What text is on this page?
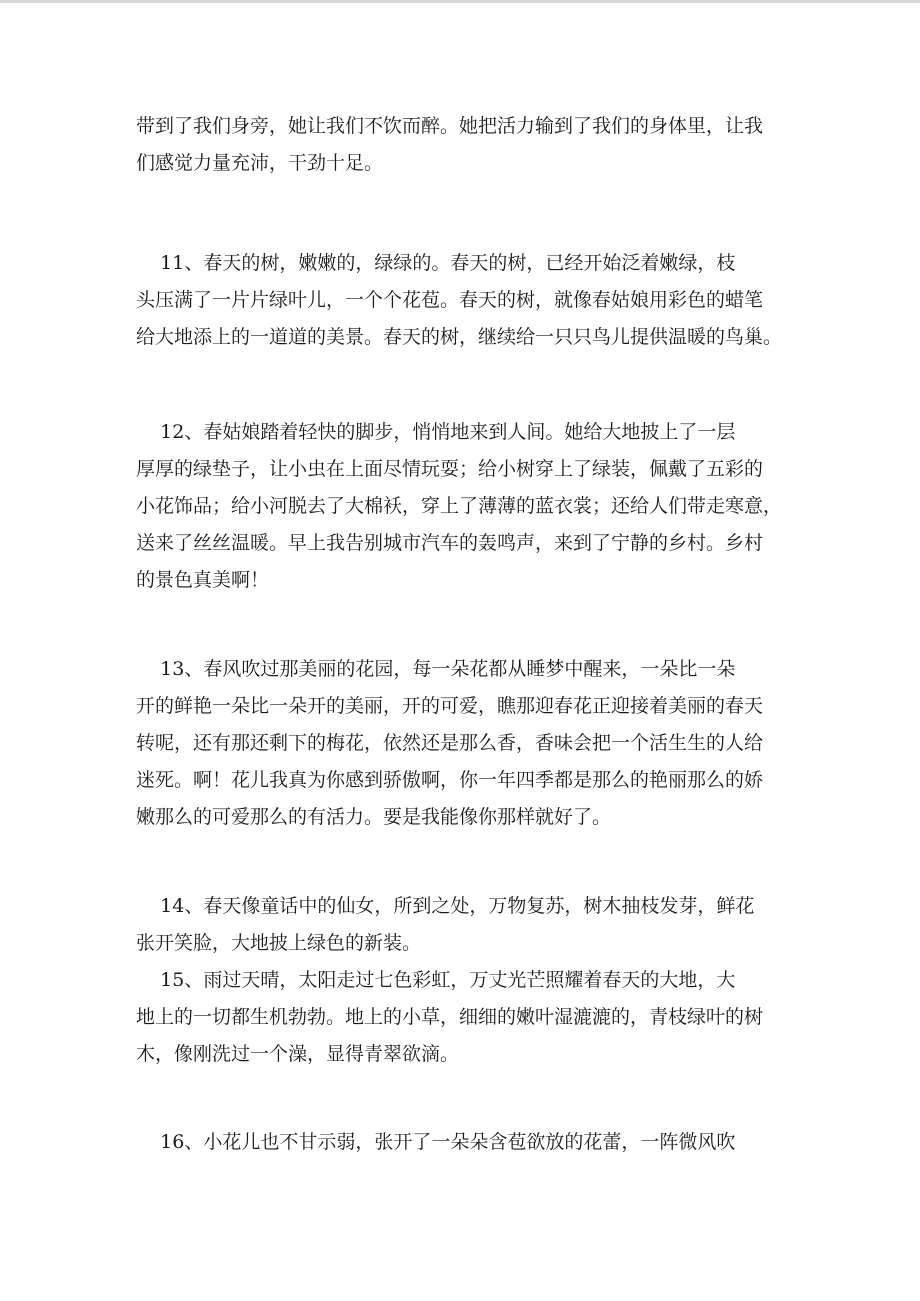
带到了我们身旁，她让我们不饮而醉。她把活力输到了我们的身体里，让我
们感觉力量充沛，干劲十足。
11、春天的树，嫩嫩的，绿绿的。春天的树，已经开始泛着嫩绿，枝
头压满了一片片绿叶儿，一个个花苞。春天的树，就像春姑娘用彩色的蜡笔
给大地添上的一道道的美景。春天的树，继续给一只只鸟儿提供温暖的鸟巢。
12、春姑娘踏着轻快的脚步，悄悄地来到人间。她给大地披上了一层
厚厚的绿垫子，让小虫在上面尽情玩耍；给小树穿上了绿装，佩戴了五彩的
小花饰品；给小河脱去了大棉袄，穿上了薄薄的蓝衣裳；还给人们带走寒意，
送来了丝丝温暖。早上我告别城市汽车的轰鸣声，来到了宁静的乡村。乡村
的景色真美啊！
13、春风吹过那美丽的花园，每一朵花都从睡梦中醒来，一朵比一朵
开的鲜艳一朵比一朵开的美丽，开的可爱，瞧那迎春花正迎接着美丽的春天
转呢，还有那还剩下的梅花，依然还是那么香，香味会把一个活生生的人给
迷死。啊！花儿我真为你感到骄傲啊，你一年四季都是那么的艳丽那么的娇
嫩那么的可爱那么的有活力。要是我能像你那样就好了。
14、春天像童话中的仙女，所到之处，万物复苏，树木抽枝发芽，鲜花
张开笑脸，大地披上绿色的新装。
15、雨过天晴，太阳走过七色彩虹，万丈光芒照耀着春天的大地，大
地上的一切都生机勃勃。地上的小草，细细的嫩叶湿漉漉的，青枝绿叶的树
木，像刚洗过一个澡，显得青翠欲滴。
16、小花儿也不甘示弱，张开了一朵朵含苞欲放的花蕾，一阵微风吹
